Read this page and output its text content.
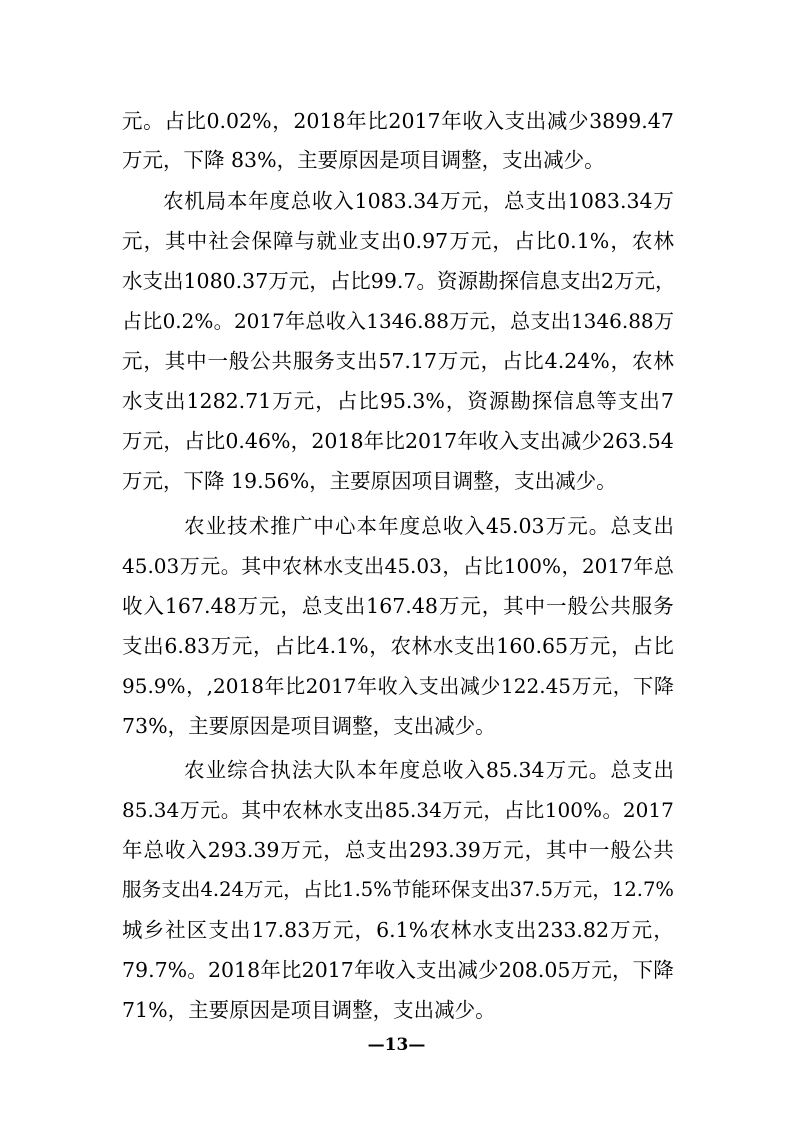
元 。 占 比 0.02% ， 2018 年 比 2017 年 收 入 支 出 减 少 3899.47
万元，下降 83%，主要原因是项目调整，支出减少。
农 机 局 本 年 度 总 收 入 1083.34 万 元 ， 总 支 出 1083.34 万
元 ， 其 中 社 会 保 障 与 就 业 支 出 0.97 万 元 ， 占 比 0.1% ， 农 林
水 支 出 1080.37 万 元 ， 占 比 99.7 。 资 源 勘 探 信 息 支 出 2 万 元 ，
占 比 0.2% 。 2017 年 总 收 入 1346.88 万 元 ， 总 支 出 1346.88 万
元 ， 其 中 一 般 公 共 服 务 支 出 57.17 万 元 ， 占 比 4.24% ， 农 林
水 支 出 1282.71 万 元 ， 占 比 95.3% ， 资 源 勘 探 信 息 等 支 出 7
万 元 ， 占 比 0.46% ， 2018 年 比 2017 年 收 入 支 出 减 少 263.54
万元，下降 19.56%，主要原因项目调整，支出减少。
农 业 技 术 推 广 中 心 本 年 度 总 收 入 45.03 万 元 。 总 支 出
45.03 万 元 。 其 中 农 林 水 支 出 45.03 ， 占 比 100% ， 2017 年 总
收 入 167.48 万 元 ， 总 支 出 167.48 万 元 ， 其 中 一 般 公 共 服 务
支 出 6.83 万 元 ， 占 比 4.1% ， 农 林 水 支 出 160.65 万 元 ， 占 比
95.9% ， ,2018 年 比 2017 年 收 入 支 出 减 少 122.45 万 元 ， 下 降
73%，主要原因是项目调整，支出减少。
农 业 综 合 执 法 大 队 本 年 度 总 收 入 85.34 万 元 。 总 支 出
85.34 万 元 。 其 中 农 林 水 支 出 85.34 万 元 ， 占 比 100% 。 2017
年 总 收 入 293.39 万 元 ， 总 支 出 293.39 万 元 ， 其 中 一 般 公 共
服 务 支 出 4.24 万 元 ， 占 比 1.5% 节 能 环 保 支 出 37.5 万 元 ， 12.7%
城 乡 社 区 支 出 17.83 万 元 ， 6.1% 农 林 水 支 出 233.82 万 元 ，
79.7% 。 2018 年 比 2017 年 收 入 支 出 减 少 208.05 万 元 ， 下 降
71%，主要原因是项目调整，支出减少。
—13—
